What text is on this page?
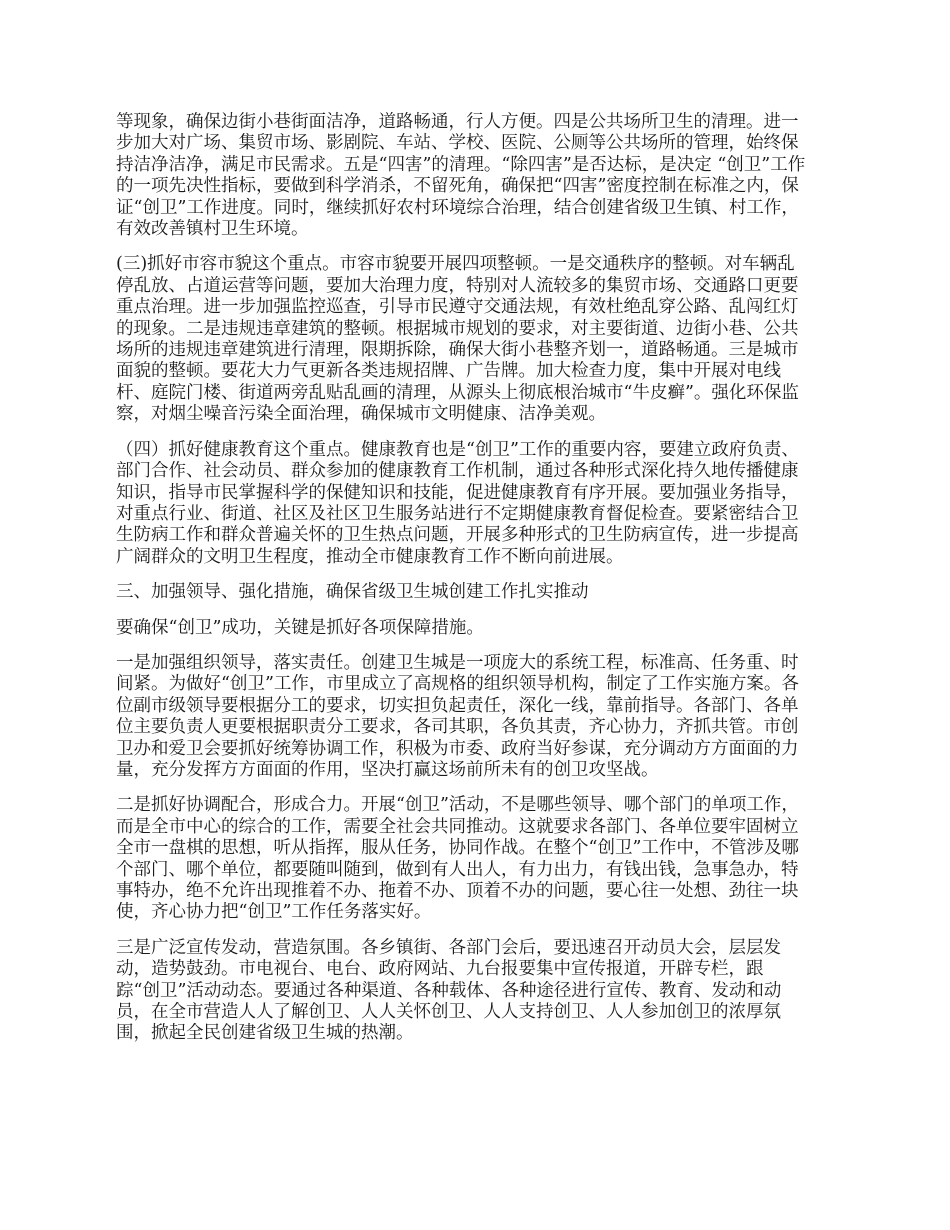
等现象，确保边街小巷街面洁净，道路畅通，行人方便。四是公共场所卫生的清理。进一
步加大对广场、集贸市场、影剧院、车站、学校、医院、公厕等公共场所的管理，始终保
持洁净洁净，满足市民需求。五是“四害”的清理。“除四害”是否达标，是决定 “创卫”工作
的一项先决性指标，要做到科学消杀，不留死角，确保把“四害”密度控制在标准之内，保
证“创卫”工作进度。同时，继续抓好农村环境综合治理，结合创建省级卫生镇、村工作，
有效改善镇村卫生环境。

(三)抓好市容市貌这个重点。市容市貌要开展四项整顿。一是交通秩序的整顿。对车辆乱
停乱放、占道运营等问题，要加大治理力度，特别对人流较多的集贸市场、交通路口更要
重点治理。进一步加强监控巡查，引导市民遵守交通法规，有效杜绝乱穿公路、乱闯红灯
的现象。二是违规违章建筑的整顿。根据城市规划的要求，对主要街道、边街小巷、公共
场所的违规违章建筑进行清理，限期拆除，确保大街小巷整齐划一，道路畅通。三是城市
面貌的整顿。要花大力气更新各类违规招牌、广告牌。加大检查力度，集中开展对电线
杆、庭院门楼、街道两旁乱贴乱画的清理，从源头上彻底根治城市“牛皮癣”。强化环保监
察，对烟尘噪音污染全面治理，确保城市文明健康、洁净美观。

（四）抓好健康教育这个重点。健康教育也是“创卫”工作的重要内容，要建立政府负责、
部门合作、社会动员、群众参加的健康教育工作机制，通过各种形式深化持久地传播健康
知识，指导市民掌握科学的保健知识和技能，促进健康教育有序开展。要加强业务指导，
对重点行业、街道、社区及社区卫生服务站进行不定期健康教育督促检查。要紧密结合卫
生防病工作和群众普遍关怀的卫生热点问题，开展多种形式的卫生防病宣传，进一步提高
广阔群众的文明卫生程度，推动全市健康教育工作不断向前进展。

三、加强领导、强化措施，确保省级卫生城创建工作扎实推动

要确保“创卫”成功，关键是抓好各项保障措施。

一是加强组织领导，落实责任。创建卫生城是一项庞大的系统工程，标准高、任务重、时
间紧。为做好“创卫”工作，市里成立了高规格的组织领导机构，制定了工作实施方案。各
位副市级领导要根据分工的要求，切实担负起责任，深化一线，靠前指导。各部门、各单
位主要负责人更要根据职责分工要求，各司其职，各负其责，齐心协力，齐抓共管。市创
卫办和爱卫会要抓好统筹协调工作，积极为市委、政府当好参谋，充分调动方方面面的力
量，充分发挥方方面面的作用，坚决打赢这场前所未有的创卫攻坚战。

二是抓好协调配合，形成合力。开展“创卫”活动，不是哪些领导、哪个部门的单项工作，
而是全市中心的综合的工作，需要全社会共同推动。这就要求各部门、各单位要牢固树立
全市一盘棋的思想，听从指挥，服从任务，协同作战。在整个“创卫”工作中，不管涉及哪
个部门、哪个单位，都要随叫随到，做到有人出人，有力出力，有钱出钱，急事急办，特
事特办，绝不允许出现推着不办、拖着不办、顶着不办的问题，要心往一处想、劲往一块
使，齐心协力把“创卫”工作任务落实好。

三是广泛宣传发动，营造氛围。各乡镇街、各部门会后，要迅速召开动员大会，层层发
动，造势鼓劲。市电视台、电台、政府网站、九台报要集中宣传报道，开辟专栏，跟
踪“创卫”活动动态。要通过各种渠道、各种载体、各种途径进行宣传、教育、发动和动
员，在全市营造人人了解创卫、人人关怀创卫、人人支持创卫、人人参加创卫的浓厚氛
围，掀起全民创建省级卫生城的热潮。
